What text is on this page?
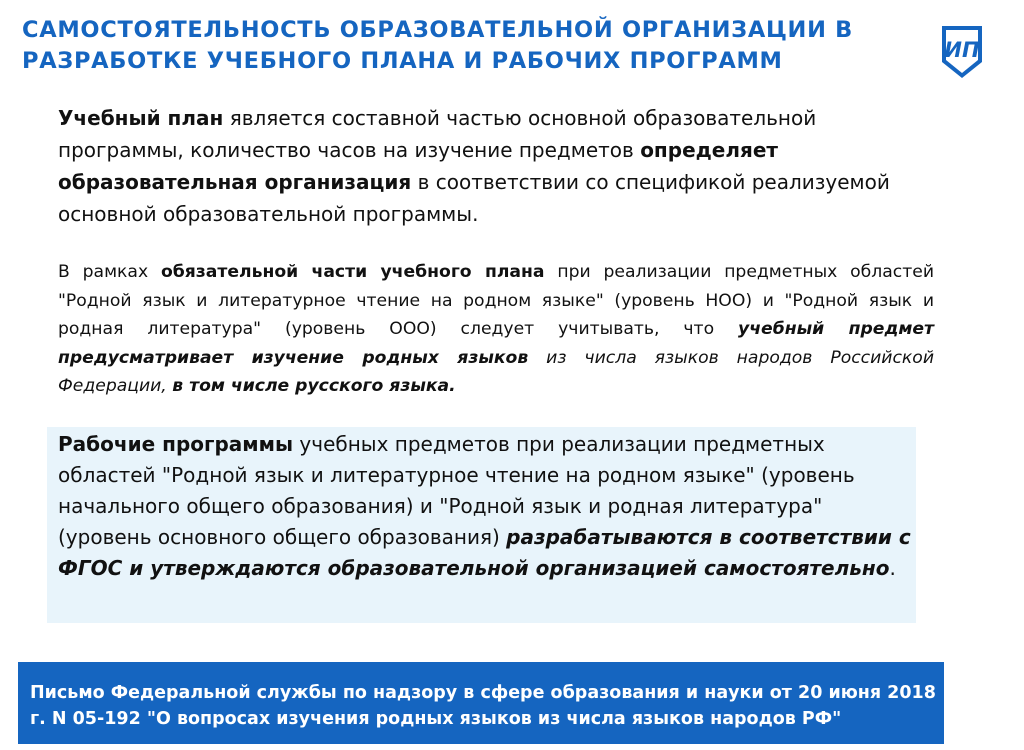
САМОСТОЯТЕЛЬНОСТЬ ОБРАЗОВАТЕЛЬНОЙ ОРГАНИЗАЦИИ В
РАЗРАБОТКЕ УЧЕБНОГО ПЛАНА И РАБОЧИХ ПРОГРАММ	ИП

Учебный план является составной частью основной образовательной программы, количество часов на изучение предметов определяет образовательная организация в соответствии со спецификой реализуемой основной образовательной программы.

В рамках обязательной части учебного плана при реализации предметных областей "Родной язык и литературное чтение на родном языке" (уровень НОО) и "Родной язык и родная литература" (уровень ООО) следует учитывать, что учебный предмет предусматривает изучение родных языков из числа языков народов Российской Федерации, в том числе русского языка.

Рабочие программы учебных предметов при реализации предметных областей "Родной язык и литературное чтение на родном языке" (уровень начального общего образования) и "Родной язык и родная литература" (уровень основного общего образования) разрабатываются в соответствии с ФГОС и утверждаются образовательной организацией самостоятельно.

Письмо Федеральной службы по надзору в сфере образования и науки от 20 июня 2018
г. N 05-192 "О вопросах изучения родных языков из числа языков народов РФ"
